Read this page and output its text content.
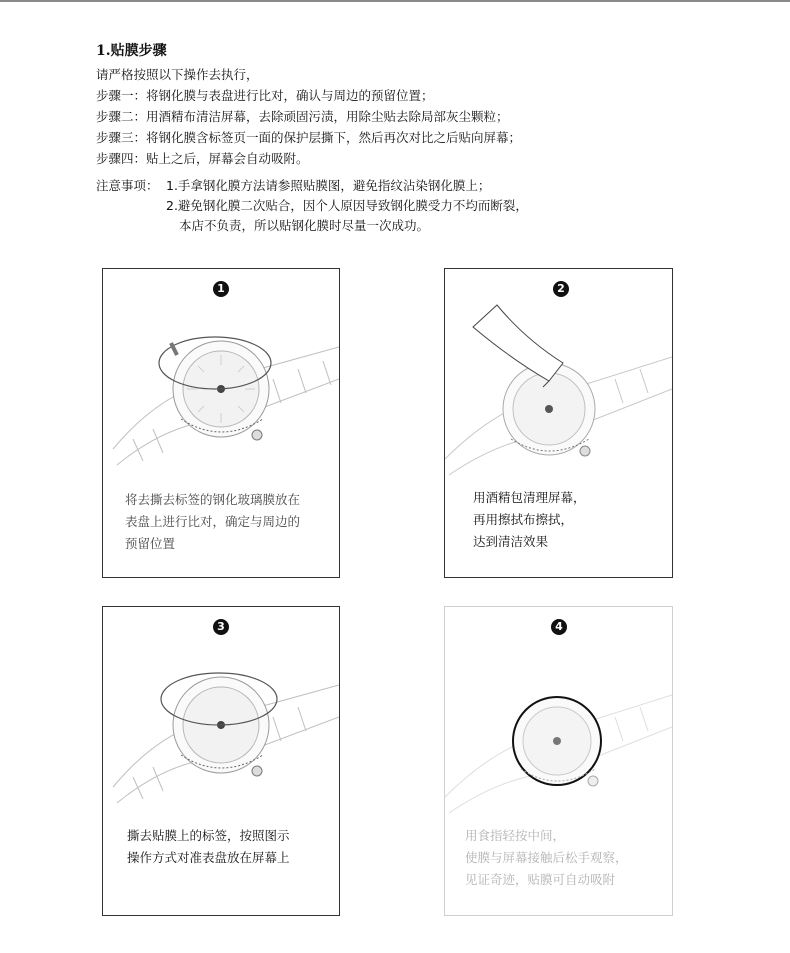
1.贴膜步骤
请严格按照以下操作去执行，
步骤一：将钢化膜与表盘进行比对，确认与周边的预留位置；
步骤二：用酒精布清洁屏幕，去除顽固污渍，用除尘贴去除局部灰尘颗粒；
步骤三：将钢化膜含标签页一面的保护层撕下，然后再次对比之后贴向屏幕；
步骤四：贴上之后，屏幕会自动吸附。
注意事项： 1.手拿钢化膜方法请参照贴膜图，避免指纹沾染钢化膜上；
2.避免钢化膜二次贴合，因个人原因导致钢化膜受力不均而断裂，
本店不负责，所以贴钢化膜时尽量一次成功。
1
将去撕去标签的钢化玻璃膜放在
表盘上进行比对，确定与周边的
预留位置
2
用酒精包清理屏幕，
再用擦拭布擦拭，
达到清洁效果
3
撕去贴膜上的标签，按照图示
操作方式对准表盘放在屏幕上
4
用食指轻按中间，
使膜与屏幕接触后松手观察，
见证奇迹，贴膜可自动吸附
